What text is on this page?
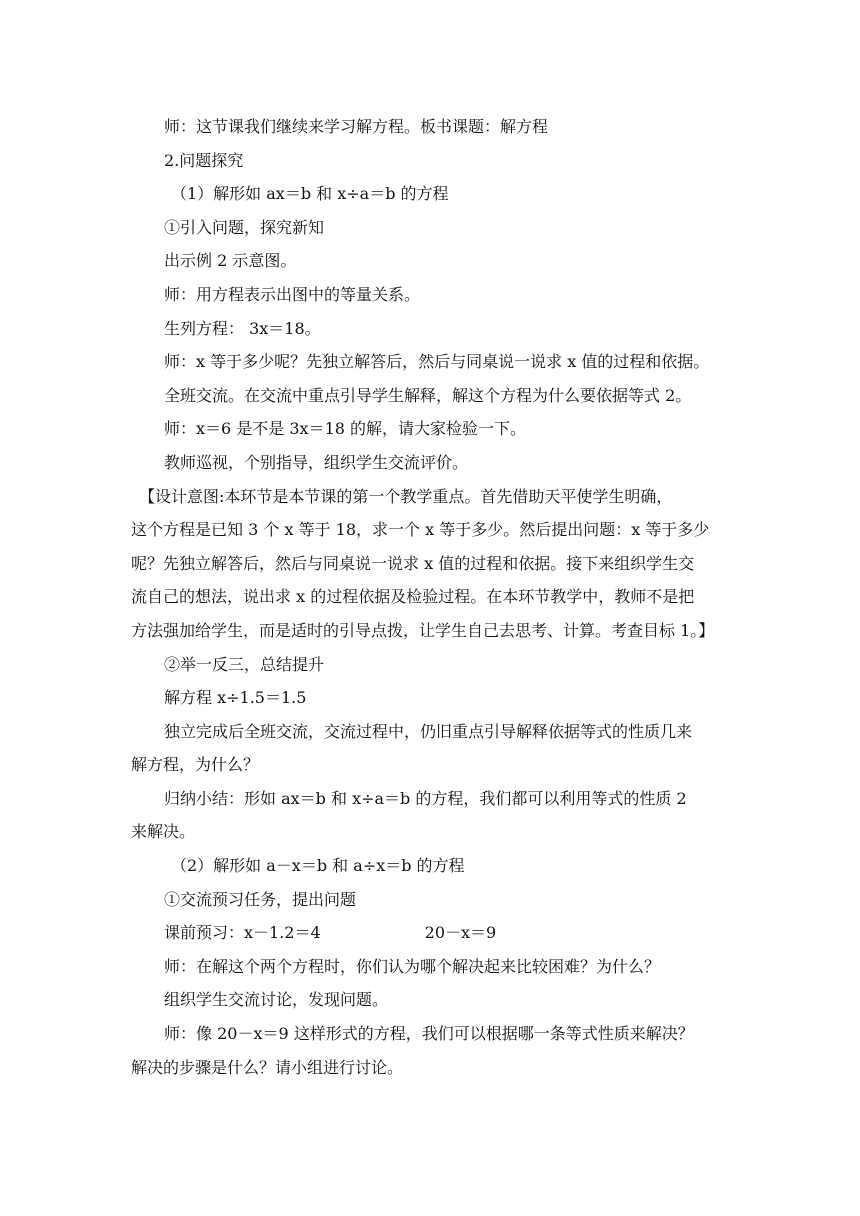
师：这节课我们继续来学习解方程。板书课题：解方程
2.问题探究
（1）解形如 ax＝b 和 x÷a＝b 的方程
①引入问题，探究新知
出示例 2 示意图。
师：用方程表示出图中的等量关系。
生列方程： 3x＝18。
师：x 等于多少呢？先独立解答后，然后与同桌说一说求 x 值的过程和依据。
全班交流。在交流中重点引导学生解释，解这个方程为什么要依据等式 2。
师：x＝6 是不是 3x＝18 的解，请大家检验一下。
教师巡视，个别指导，组织学生交流评价。
【设计意图:本环节是本节课的第一个教学重点。首先借助天平使学生明确，
这个方程是已知 3 个 x 等于 18，求一个 x 等于多少。然后提出问题：x 等于多少
呢？先独立解答后，然后与同桌说一说求 x 值的过程和依据。接下来组织学生交
流自己的想法，说出求 x 的过程依据及检验过程。在本环节教学中，教师不是把
方法强加给学生，而是适时的引导点拨，让学生自己去思考、计算。考查目标 1。】
②举一反三，总结提升
解方程 x÷1.5＝1.5
独立完成后全班交流，交流过程中，仍旧重点引导解释依据等式的性质几来
解方程，为什么？
归纳小结：形如 ax＝b 和 x÷a＝b 的方程，我们都可以利用等式的性质 2
来解决。
（2）解形如 a－x＝b 和 a÷x＝b 的方程
①交流预习任务，提出问题
课前预习：x－1.2＝4	20－x＝9
师：在解这个两个方程时，你们认为哪个解决起来比较困难？为什么？
组织学生交流讨论，发现问题。
师：像 20－x＝9 这样形式的方程，我们可以根据哪一条等式性质来解决？
解决的步骤是什么？请小组进行讨论。
